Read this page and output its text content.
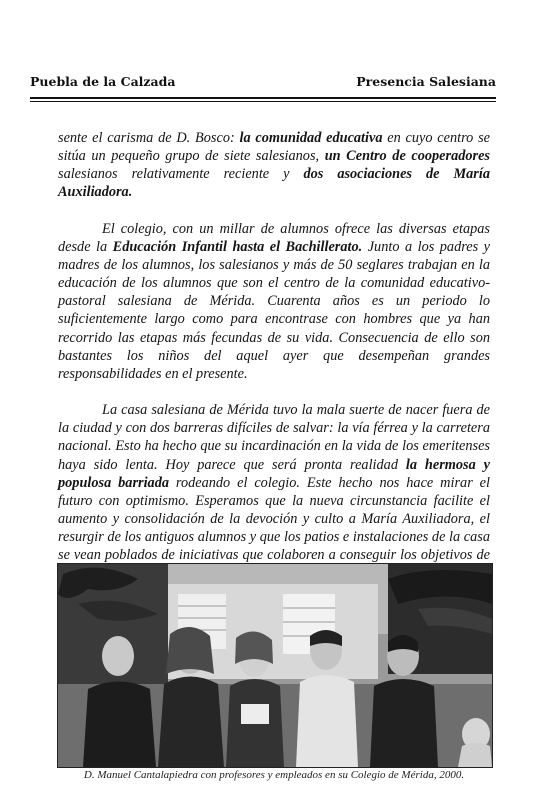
Puebla de la Calzada	Presencia Salesiana

sente el carisma de D. Bosco: la comunidad educativa en cuyo centro se sitúa un pequeño grupo de siete salesianos, un Centro de cooperadores salesianos relativamente reciente y dos asociaciones de María Auxiliadora.

El colegio, con un millar de alumnos ofrece las diversas etapas desde la Educación Infantil hasta el Bachillerato. Junto a los padres y madres de los alumnos, los salesianos y más de 50 seglares trabajan en la educación de los alumnos que son el centro de la comunidad educativo-pastoral salesiana de Mérida. Cuarenta años es un periodo lo suficientemente largo como para encontrase con hombres que ya han recorrido las etapas más fecundas de su vida. Consecuencia de ello son bastantes los niños del aquel ayer que desempeñan grandes responsabilidades en el presente.

La casa salesiana de Mérida tuvo la mala suerte de nacer fuera de la ciudad y con dos barreras difíciles de salvar: la vía férrea y la carretera nacional. Esto ha hecho que su incardinación en la vida de los emeritenses haya sido lenta. Hoy parece que será pronta realidad la hermosa y populosa barriada rodeando el colegio. Este hecho nos hace mirar el futuro con optimismo. Esperamos que la nueva circunstancia facilite el aumento y consolidación de la devoción y culto a María Auxiliadora, el resurgir de los antiguos alumnos y que los patios e instalaciones de la casa se vean poblados de iniciativas que colaboren a conseguir los objetivos de

D. Manuel Cantalapiedra con profesores y empleados en su Colegio de Mérida, 2000.
